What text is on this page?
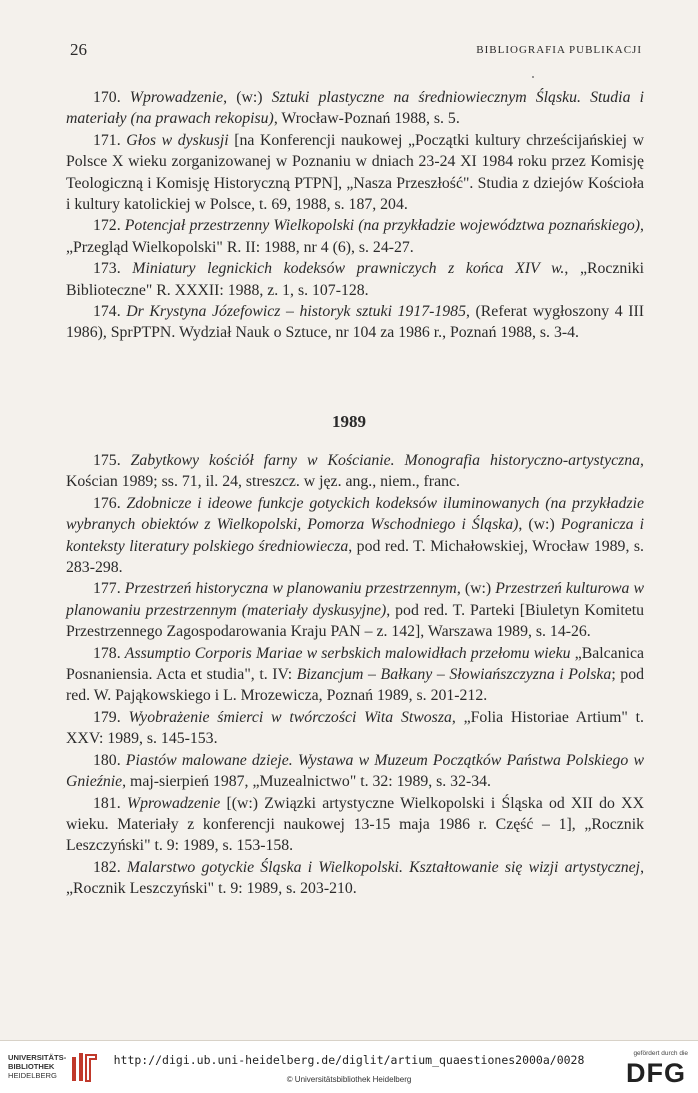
26	BIBLIOGRAFIA PUBLIKACJI

170. Wprowadzenie, (w:) Sztuki plastyczne na średniowiecznym Śląsku. Studia i materiały (na prawach rekopisu), Wrocław-Poznań 1988, s. 5.

171. Głos w dyskusji [na Konferencji naukowej „Początki kultury chrześcijańskiej w Polsce X wieku zorganizowanej w Poznaniu w dniach 23-24 XI 1984 roku przez Komisję Teologiczną i Komisję Historyczną PTPN], „Nasza Przeszłość". Studia z dziejów Kościoła i kultury katolickiej w Polsce, t. 69, 1988, s. 187, 204.

172. Potencjał przestrzenny Wielkopolski (na przykładzie województwa poznańskiego), „Przegląd Wielkopolski" R. II: 1988, nr 4 (6), s. 24-27.

173. Miniatury legnickich kodeksów prawniczych z końca XIV w., „Roczniki Biblioteczne" R. XXXII: 1988, z. 1, s. 107-128.

174. Dr Krystyna Józefowicz – historyk sztuki 1917-1985, (Referat wygłoszony 4 III 1986), SprPTPN. Wydział Nauk o Sztuce, nr 104 za 1986 r., Poznań 1988, s. 3-4.

1989

175. Zabytkowy kościół farny w Kościanie. Monografia historyczno-artystyczna, Kościan 1989; ss. 71, il. 24, streszcz. w jęz. ang., niem., franc.

176. Zdobnicze i ideowe funkcje gotyckich kodeksów iluminowanych (na przykładzie wybranych obiektów z Wielkopolski, Pomorza Wschodniego i Śląska), (w:) Pogranicza i konteksty literatury polskiego średniowiecza, pod red. T. Michałowskiej, Wrocław 1989, s. 283-298.

177. Przestrzeń historyczna w planowaniu przestrzennym, (w:) Przestrzeń kulturowa w planowaniu przestrzennym (materiały dyskusyjne), pod red. T. Parteki [Biuletyn Komitetu Przestrzennego Zagospodarowania Kraju PAN – z. 142], Warszawa 1989, s. 14-26.

178. Assumptio Corporis Mariae w serbskich malowidłach przełomu wieku „Balcanica Posnaniensia. Acta et studia", t. IV: Bizancjum – Bałkany – Słowiańszczyzna i Polska; pod red. W. Pająkowskiego i L. Mrozewicza, Poznań 1989, s. 201-212.

179. Wyobrażenie śmierci w twórczości Wita Stwosza, „Folia Historiae Artium" t. XXV: 1989, s. 145-153.

180. Piastów malowane dzieje. Wystawa w Muzeum Początków Państwa Polskiego w Gnieźnie, maj-sierpień 1987, „Muzealnictwo" t. 32: 1989, s. 32-34.

181. Wprowadzenie [(w:) Związki artystyczne Wielkopolski i Śląska od XII do XX wieku. Materiały z konferencji naukowej 13-15 maja 1986 r. Część – 1], „Rocznik Leszczyński" t. 9: 1989, s. 153-158.

182. Malarstwo gotyckie Śląska i Wielkopolski. Kształtowanie się wizji artystycznej, „Rocznik Leszczyński" t. 9: 1989, s. 203-210.

UNIVERSITÄTS-
BIBLIOTHEK
HEIDELBERG
http://digi.ub.uni-heidelberg.de/diglit/artium_quaestiones2000a/0028
© Universitätsbibliothek Heidelberg
gefördert durch die
DFG
